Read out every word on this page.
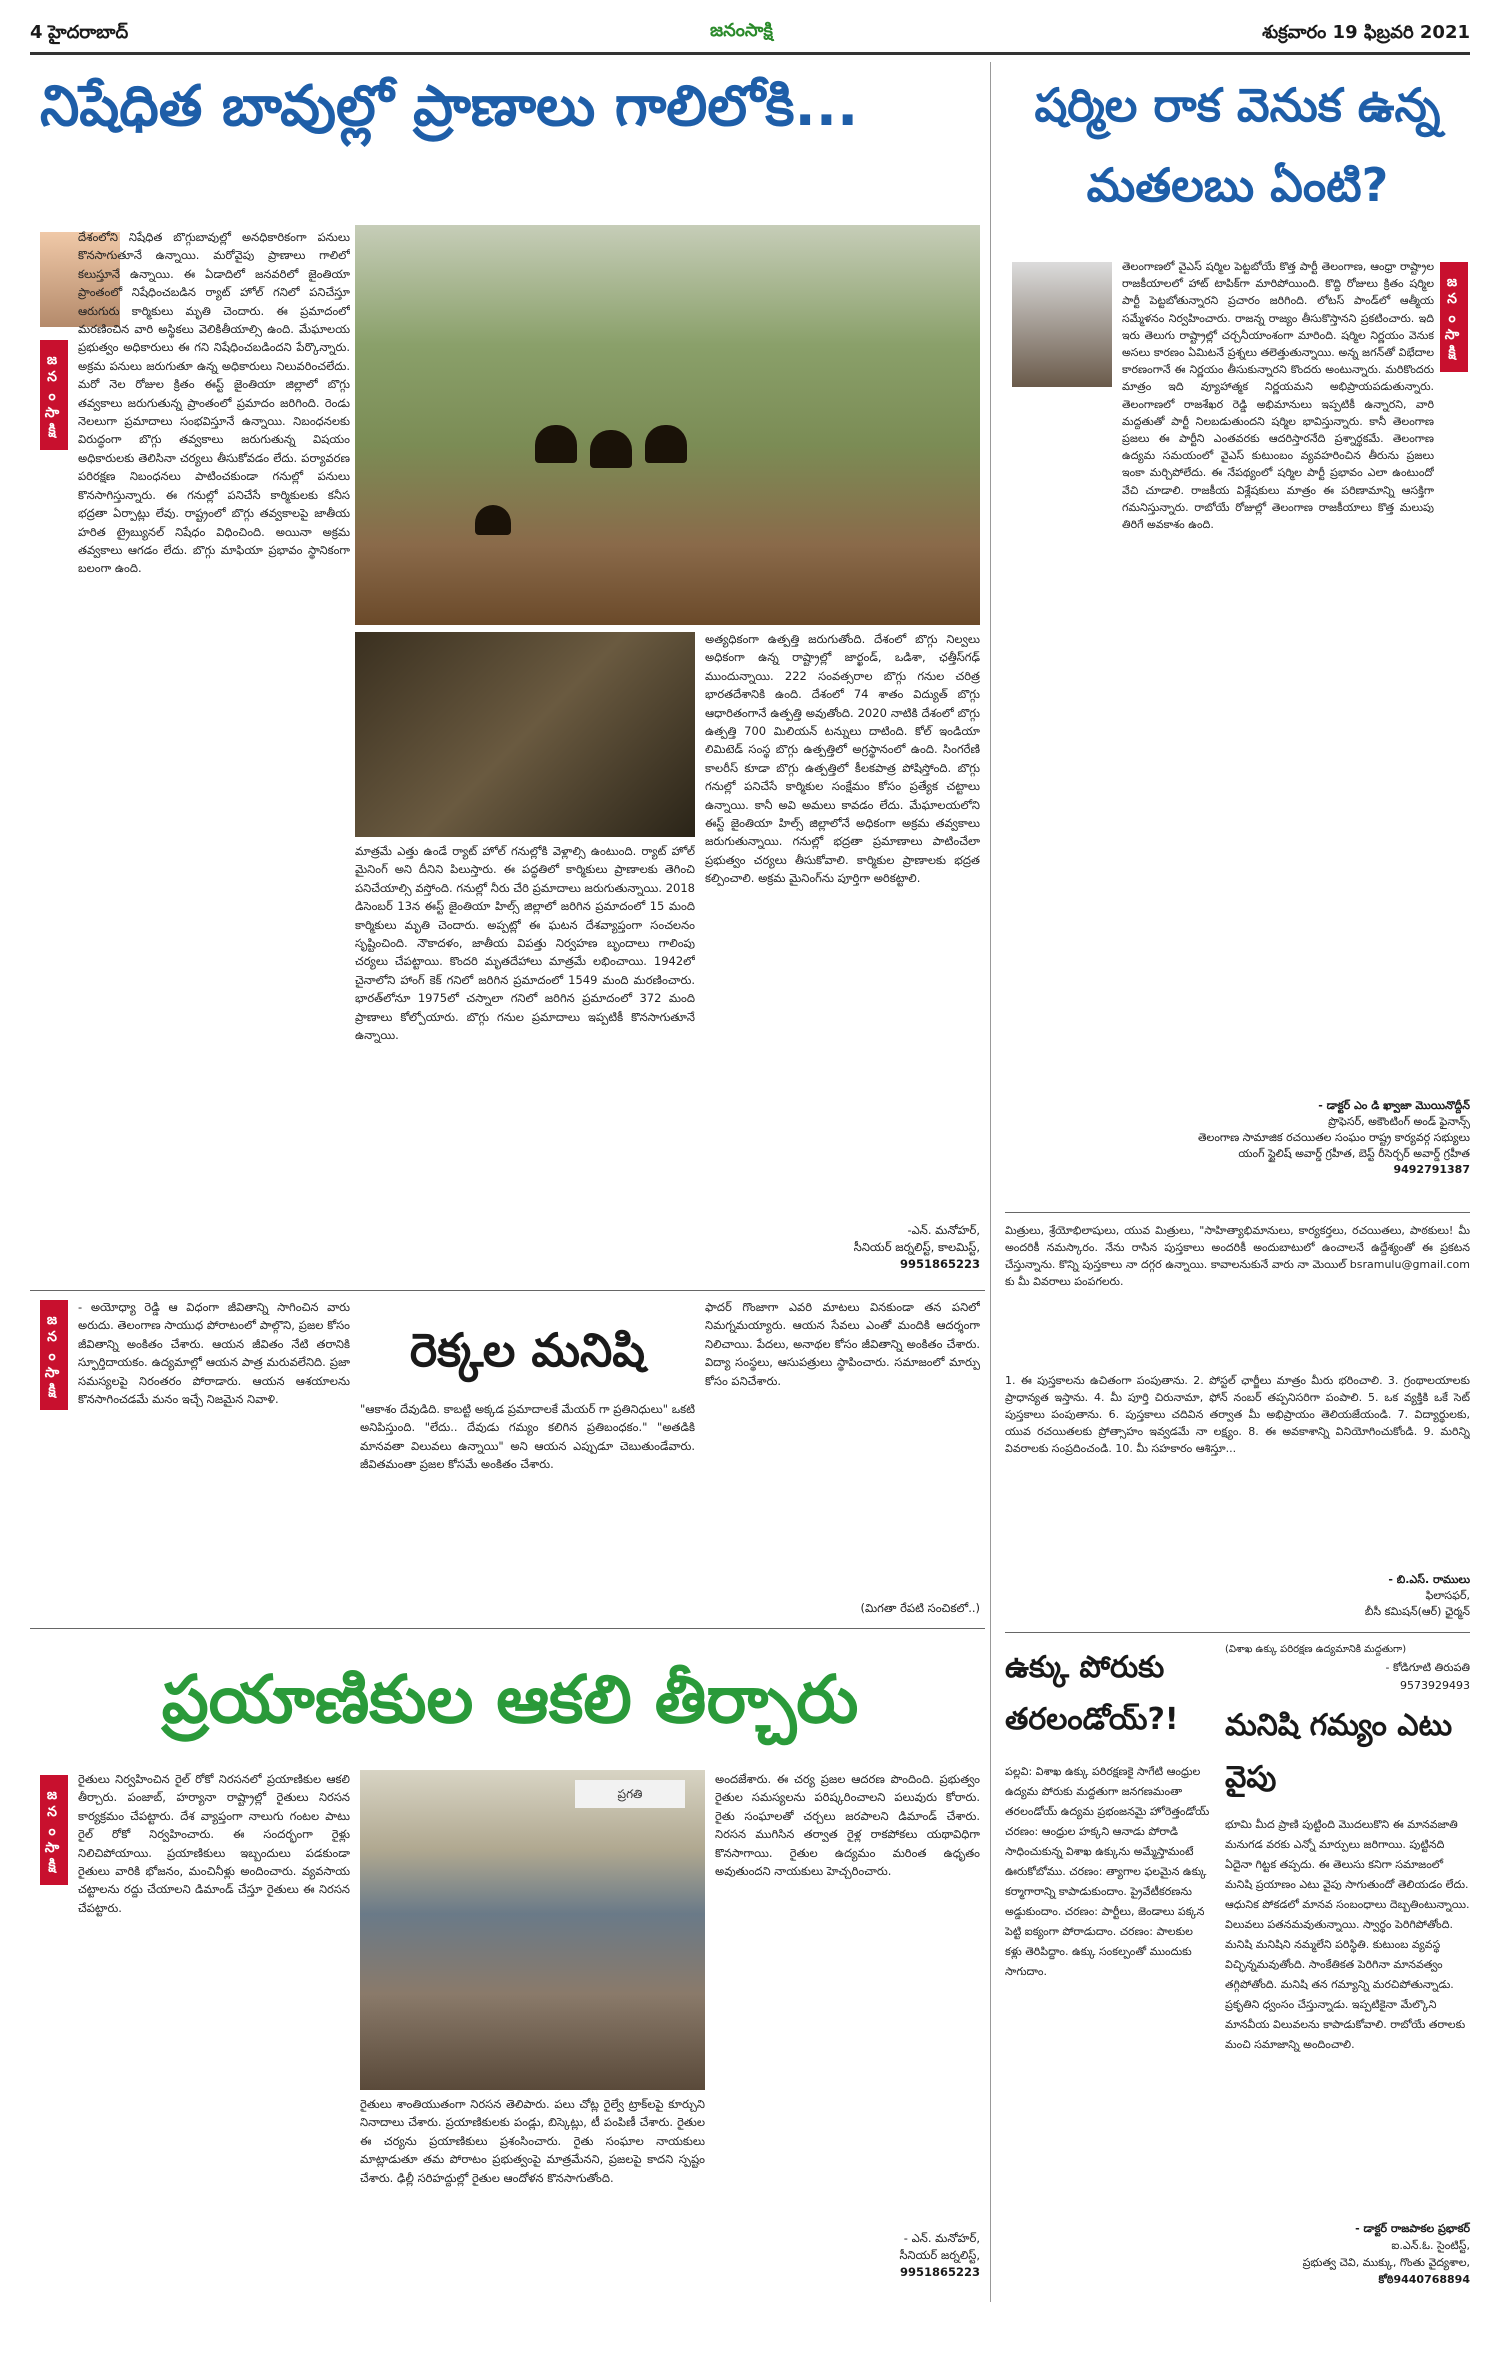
4 హైదరాబాద్	జనంసాక్షి	శుక్రవారం 19 ఫిబ్రవరి 2021
నిషేధిత బావుల్లో ప్రాణాలు గాలిలోకి...
జనంసాక్షి
దేశంలోని నిషేధిత బొగ్గుబావుల్లో అనధికారికంగా పనులు కొనసాగుతూనే ఉన్నాయి. మరోవైపు ప్రాణాలు గాలిలో కలుస్తూనే ఉన్నాయి. ఈ ఏడాదిలో జనవరిలో జైంతియా ప్రాంతంలో నిషేధించబడిన ర్యాట్ హోల్ గనిలో పనిచేస్తూ ఆరుగురు కార్మికులు మృతి చెందారు. ఈ ప్రమాదంలో మరణించిన వారి అస్థికలు వెలికితీయాల్సి ఉంది. మేఘాలయ ప్రభుత్వం అధికారులు ఈ గని నిషేధించబడిందని పేర్కొన్నారు. అక్రమ పనులు జరుగుతూ ఉన్న అధికారులు నిలువరించలేదు. మరో నెల రోజుల క్రితం ఈస్ట్ జైంతియా జిల్లాలో బొగ్గు తవ్వకాలు జరుగుతున్న ప్రాంతంలో ప్రమాదం జరిగింది. రెండు నెలలుగా ప్రమాదాలు సంభవిస్తూనే ఉన్నాయి. నిబంధనలకు విరుద్ధంగా బొగ్గు తవ్వకాలు జరుగుతున్న విషయం అధికారులకు తెలిసినా చర్యలు తీసుకోవడం లేదు. పర్యావరణ పరిరక్షణ నిబంధనలు పాటించకుండా గనుల్లో పనులు కొనసాగిస్తున్నారు. ఈ గనుల్లో పనిచేసే కార్మికులకు కనీస భద్రతా ఏర్పాట్లు లేవు. రాష్ట్రంలో బొగ్గు తవ్వకాలపై జాతీయ హరిత ట్రైబ్యునల్ నిషేధం విధించింది. అయినా అక్రమ తవ్వకాలు ఆగడం లేదు. బొగ్గు మాఫియా ప్రభావం స్థానికంగా బలంగా ఉంది.
మాత్రమే ఎత్తు ఉండే ర్యాట్ హోల్ గనుల్లోకి వెళ్లాల్సి ఉంటుంది. ర్యాట్ హోల్ మైనింగ్ అని దీనిని పిలుస్తారు. ఈ పద్ధతిలో కార్మికులు ప్రాణాలకు తెగించి పనిచేయాల్సి వస్తోంది. గనుల్లో నీరు చేరి ప్రమాదాలు జరుగుతున్నాయి. 2018 డిసెంబర్ 13న ఈస్ట్ జైంతియా హిల్స్ జిల్లాలో జరిగిన ప్రమాదంలో 15 మంది కార్మికులు మృతి చెందారు. అప్పట్లో ఈ ఘటన దేశవ్యాప్తంగా సంచలనం సృష్టించింది. నౌకాదళం, జాతీయ విపత్తు నిర్వహణ బృందాలు గాలింపు చర్యలు చేపట్టాయి. కొందరి మృతదేహాలు మాత్రమే లభించాయి. 1942లో చైనాలోని హాంగ్ కెక్ గనిలో జరిగిన ప్రమాదంలో 1549 మంది మరణించారు. భారత్‌లోనూ 1975లో చస్నాలా గనిలో జరిగిన ప్రమాదంలో 372 మంది ప్రాణాలు కోల్పోయారు. బొగ్గు గనుల ప్రమాదాలు ఇప్పటికీ కొనసాగుతూనే ఉన్నాయి.
అత్యధికంగా ఉత్పత్తి జరుగుతోంది. దేశంలో బొగ్గు నిల్వలు అధికంగా ఉన్న రాష్ట్రాల్లో జార్ఖండ్, ఒడిశా, ఛత్తీస్‌గఢ్ ముందున్నాయి. 222 సంవత్సరాల బొగ్గు గనుల చరిత్ర భారతదేశానికి ఉంది. దేశంలో 74 శాతం విద్యుత్ బొగ్గు ఆధారితంగానే ఉత్పత్తి అవుతోంది. 2020 నాటికి దేశంలో బొగ్గు ఉత్పత్తి 700 మిలియన్ టన్నులు దాటింది. కోల్ ఇండియా లిమిటెడ్ సంస్థ బొగ్గు ఉత్పత్తిలో అగ్రస్థానంలో ఉంది. సింగరేణి కాలరీస్ కూడా బొగ్గు ఉత్పత్తిలో కీలకపాత్ర పోషిస్తోంది. బొగ్గు గనుల్లో పనిచేసే కార్మికుల సంక్షేమం కోసం ప్రత్యేక చట్టాలు ఉన్నాయి. కానీ అవి అమలు కావడం లేదు. మేఘాలయలోని ఈస్ట్ జైంతియా హిల్స్ జిల్లాలోనే అధికంగా అక్రమ తవ్వకాలు జరుగుతున్నాయి. గనుల్లో భద్రతా ప్రమాణాలు పాటించేలా ప్రభుత్వం చర్యలు తీసుకోవాలి. కార్మికుల ప్రాణాలకు భద్రత కల్పించాలి. అక్రమ మైనింగ్‌ను పూర్తిగా అరికట్టాలి.
-ఎన్. మనోహర్,
సీనియర్ జర్నలిస్ట్, కాలమిస్ట్,
9951865223
షర్మిల రాక వెనుక ఉన్న మతలబు ఏంటి?
జనంసాక్షి
తెలంగాణలో వైఎస్ షర్మిల పెట్టబోయే కొత్త పార్టీ తెలంగాణ, ఆంధ్రా రాష్ట్రాల రాజకీయాలలో హాట్ టాపిక్‌గా మారిపోయింది. కొద్ది రోజులు క్రితం షర్మిల పార్టీ పెట్టబోతున్నారని ప్రచారం జరిగింది. లోటస్ పాండ్‌లో ఆత్మీయ సమ్మేళనం నిర్వహించారు. రాజన్న రాజ్యం తీసుకొస్తానని ప్రకటించారు. ఇది ఇరు తెలుగు రాష్ట్రాల్లో చర్చనీయాంశంగా మారింది. షర్మిల నిర్ణయం వెనుక అసలు కారణం ఏమిటనే ప్రశ్నలు తలెత్తుతున్నాయి. అన్న జగన్‌తో విభేదాల కారణంగానే ఈ నిర్ణయం తీసుకున్నారని కొందరు అంటున్నారు. మరికొందరు మాత్రం ఇది వ్యూహాత్మక నిర్ణయమని అభిప్రాయపడుతున్నారు. తెలంగాణలో రాజశేఖర రెడ్డి అభిమానులు ఇప్పటికీ ఉన్నారని, వారి మద్దతుతో పార్టీ నిలబడుతుందని షర్మిల భావిస్తున్నారు. కానీ తెలంగాణ ప్రజలు ఈ పార్టీని ఎంతవరకు ఆదరిస్తారనేది ప్రశ్నార్థకమే. తెలంగాణ ఉద్యమ సమయంలో వైఎస్ కుటుంబం వ్యవహరించిన తీరును ప్రజలు ఇంకా మర్చిపోలేదు. ఈ నేపథ్యంలో షర్మిల పార్టీ ప్రభావం ఎలా ఉంటుందో వేచి చూడాలి. రాజకీయ విశ్లేషకులు మాత్రం ఈ పరిణామాన్ని ఆసక్తిగా గమనిస్తున్నారు. రాబోయే రోజుల్లో తెలంగాణ రాజకీయాలు కొత్త మలుపు తిరిగే అవకాశం ఉంది.
- డాక్టర్ ఎం డి ఖ్వాజా మొయినొద్దీన్
ప్రొఫెసర్, అకౌంటింగ్ అండ్ ఫైనాన్స్
తెలంగాణ సామాజిక రచయితల సంఘం రాష్ట్ర కార్యవర్గ సభ్యులు
యంగ్ స్టైలిష్ అవార్డ్ గ్రహీత, బెస్ట్ రీసెర్చర్ అవార్డ్ గ్రహీత
9492791387
మిత్రులు, శ్రేయోభిలాషులు, యువ మిత్రులు, "సాహిత్యాభిమానులు, కార్యకర్తలు, రచయితలు, పాఠకులు! మీ అందరికీ నమస్కారం. నేను రాసిన పుస్తకాలు అందరికీ అందుబాటులో ఉంచాలనే ఉద్దేశ్యంతో ఈ ప్రకటన చేస్తున్నాను. కొన్ని పుస్తకాలు నా దగ్గర ఉన్నాయి. కావాలనుకునే వారు నా మెయిల్ bsramulu@gmail.com కు మీ వివరాలు పంపగలరు.
1. ఈ పుస్తకాలను ఉచితంగా పంపుతాను. 2. పోస్టల్ ఛార్జీలు మాత్రం మీరు భరించాలి. 3. గ్రంథాలయాలకు ప్రాధాన్యత ఇస్తాను. 4. మీ పూర్తి చిరునామా, ఫోన్ నంబర్ తప్పనిసరిగా పంపాలి. 5. ఒక వ్యక్తికి ఒకే సెట్ పుస్తకాలు పంపుతాను. 6. పుస్తకాలు చదివిన తర్వాత మీ అభిప్రాయం తెలియజేయండి. 7. విద్యార్థులకు, యువ రచయితలకు ప్రోత్సాహం ఇవ్వడమే నా లక్ష్యం. 8. ఈ అవకాశాన్ని వినియోగించుకోండి. 9. మరిన్ని వివరాలకు సంప్రదించండి. 10. మీ సహకారం ఆశిస్తూ...
- బి.ఎస్. రాములు
ఫిలాసఫర్,
బీసీ కమిషన్(ఆర్) ఛైర్మన్
- అయోధ్యా రెడ్డి ఆ విధంగా జీవితాన్ని సాగించిన వారు అరుదు. తెలంగాణ సాయుధ పోరాటంలో పాల్గొని, ప్రజల కోసం జీవితాన్ని అంకితం చేశారు. ఆయన జీవితం నేటి తరానికి స్ఫూర్తిదాయకం. ఉద్యమాల్లో ఆయన పాత్ర మరువలేనిది. ప్రజా సమస్యలపై నిరంతరం పోరాడారు. ఆయన ఆశయాలను కొనసాగించడమే మనం ఇచ్చే నిజమైన నివాళి.
జనంసాక్షి	రెక్కల మనిషి
"ఆకాశం దేవుడిది. కాబట్టి అక్కడ ప్రమాదాలకే మేయర్ గా ప్రతినిధులు" ఒకటి అనిపిస్తుంది. "లేదు.. దేవుడు గమ్యం కలిగిన ప్రతిబంధకం." "అతడికి మానవతా విలువలు ఉన్నాయి" అని ఆయన ఎప్పుడూ చెబుతుండేవారు. జీవితమంతా ప్రజల కోసమే అంకితం చేశారు.
ఫాదర్ గొంజాగా ఎవరి మాటలు వినకుండా తన పనిలో నిమగ్నమయ్యారు. ఆయన సేవలు ఎంతో మందికి ఆదర్శంగా నిలిచాయి. పేదలు, అనాథల కోసం జీవితాన్ని అంకితం చేశారు. విద్యా సంస్థలు, ఆసుపత్రులు స్థాపించారు. సమాజంలో మార్పు కోసం పనిచేశారు.
(మిగతా రేపటి సంచికలో..)
ప్రయాణికుల ఆకలి తీర్చారు
జనంసాక్షి
రైతులు నిర్వహించిన రైల్ రోకో నిరసనలో ప్రయాణికుల ఆకలి తీర్చారు. పంజాబ్, హర్యానా రాష్ట్రాల్లో రైతులు నిరసన కార్యక్రమం చేపట్టారు. దేశ వ్యాప్తంగా నాలుగు గంటల పాటు రైల్ రోకో నిర్వహించారు. ఈ సందర్భంగా రైళ్లు నిలిచిపోయాయి. ప్రయాణికులు ఇబ్బందులు పడకుండా రైతులు వారికి భోజనం, మంచినీళ్లు అందించారు. వ్యవసాయ చట్టాలను రద్దు చేయాలని డిమాండ్ చేస్తూ రైతులు ఈ నిరసన చేపట్టారు.
ప్రగతి
రైతులు శాంతియుతంగా నిరసన తెలిపారు. పలు చోట్ల రైల్వే ట్రాక్‌లపై కూర్చుని నినాదాలు చేశారు. ప్రయాణికులకు పండ్లు, బిస్కెట్లు, టీ పంపిణీ చేశారు. రైతుల ఈ చర్యను ప్రయాణికులు ప్రశంసించారు. రైతు సంఘాల నాయకులు మాట్లాడుతూ తమ పోరాటం ప్రభుత్వంపై మాత్రమేనని, ప్రజలపై కాదని స్పష్టం చేశారు. ఢిల్లీ సరిహద్దుల్లో రైతుల ఆందోళన కొనసాగుతోంది.
అందజేశారు. ఈ చర్య ప్రజల ఆదరణ పొందింది. ప్రభుత్వం రైతుల సమస్యలను పరిష్కరించాలని పలువురు కోరారు. రైతు సంఘాలతో చర్చలు జరపాలని డిమాండ్ చేశారు. నిరసన ముగిసిన తర్వాత రైళ్ల రాకపోకలు యథావిధిగా కొనసాగాయి. రైతుల ఉద్యమం మరింత ఉధృతం అవుతుందని నాయకులు హెచ్చరించారు.
- ఎన్. మనోహర్,
సీనియర్ జర్నలిస్ట్,
9951865223
ఉక్కు పోరుకు తరలండోయ్?!
(విశాఖ ఉక్కు పరిరక్షణ ఉద్యమానికి మద్దతుగా)
- కోడిగూటి తిరుపతి
9573929493
పల్లవి: విశాఖ ఉక్కు పరిరక్షణకై సాగేటి ఆంధ్రుల ఉద్యమ పోరుకు మద్దతుగా జనగణమంతా తరలండోయ్ ఉద్యమ ప్రభంజనమై హోరెత్తండోయ్ చరణం: ఆంధ్రుల హక్కని ఆనాడు పోరాడి సాధించుకున్న విశాఖ ఉక్కును అమ్మేస్తామంటే ఊరుకోబోము. చరణం: త్యాగాల ఫలమైన ఉక్కు కర్మాగారాన్ని కాపాడుకుందాం. ప్రైవేటీకరణను అడ్డుకుందాం. చరణం: పార్టీలు, జెండాలు పక్కన పెట్టి ఐక్యంగా పోరాడుదాం. చరణం: పాలకుల కళ్లు తెరిపిద్దాం. ఉక్కు సంకల్పంతో ముందుకు సాగుదాం.
మనిషి గమ్యం ఎటు వైపు
భూమి మీద ప్రాణి పుట్టింది మొదలుకొని ఈ మానవజాతి మనుగడ వరకు ఎన్నో మార్పులు జరిగాయి. పుట్టినది ఏదైనా గిట్టక తప్పదు. ఈ తెలుసు కనిగా సమాజంలో మనిషి ప్రయాణం ఎటు వైపు సాగుతుందో తెలియడం లేదు. ఆధునిక పోకడలో మానవ సంబంధాలు దెబ్బతింటున్నాయి. విలువలు పతనమవుతున్నాయి. స్వార్థం పెరిగిపోతోంది. మనిషి మనిషిని నమ్మలేని పరిస్థితి. కుటుంబ వ్యవస్థ విచ్ఛిన్నమవుతోంది. సాంకేతికత పెరిగినా మానవత్వం తగ్గిపోతోంది. మనిషి తన గమ్యాన్ని మరచిపోతున్నాడు. ప్రకృతిని ధ్వంసం చేస్తున్నాడు. ఇప్పటికైనా మేల్కొని మానవీయ విలువలను కాపాడుకోవాలి. రాబోయే తరాలకు మంచి సమాజాన్ని అందించాలి.
- డాక్టర్ రాజపాకల ప్రభాకర్
ఐ.ఎన్.ఓ. సైంటిస్ట్,
ప్రభుత్వ చెవి, ముక్కు, గొంతు వైద్యశాల,
కోఠి9440768894
